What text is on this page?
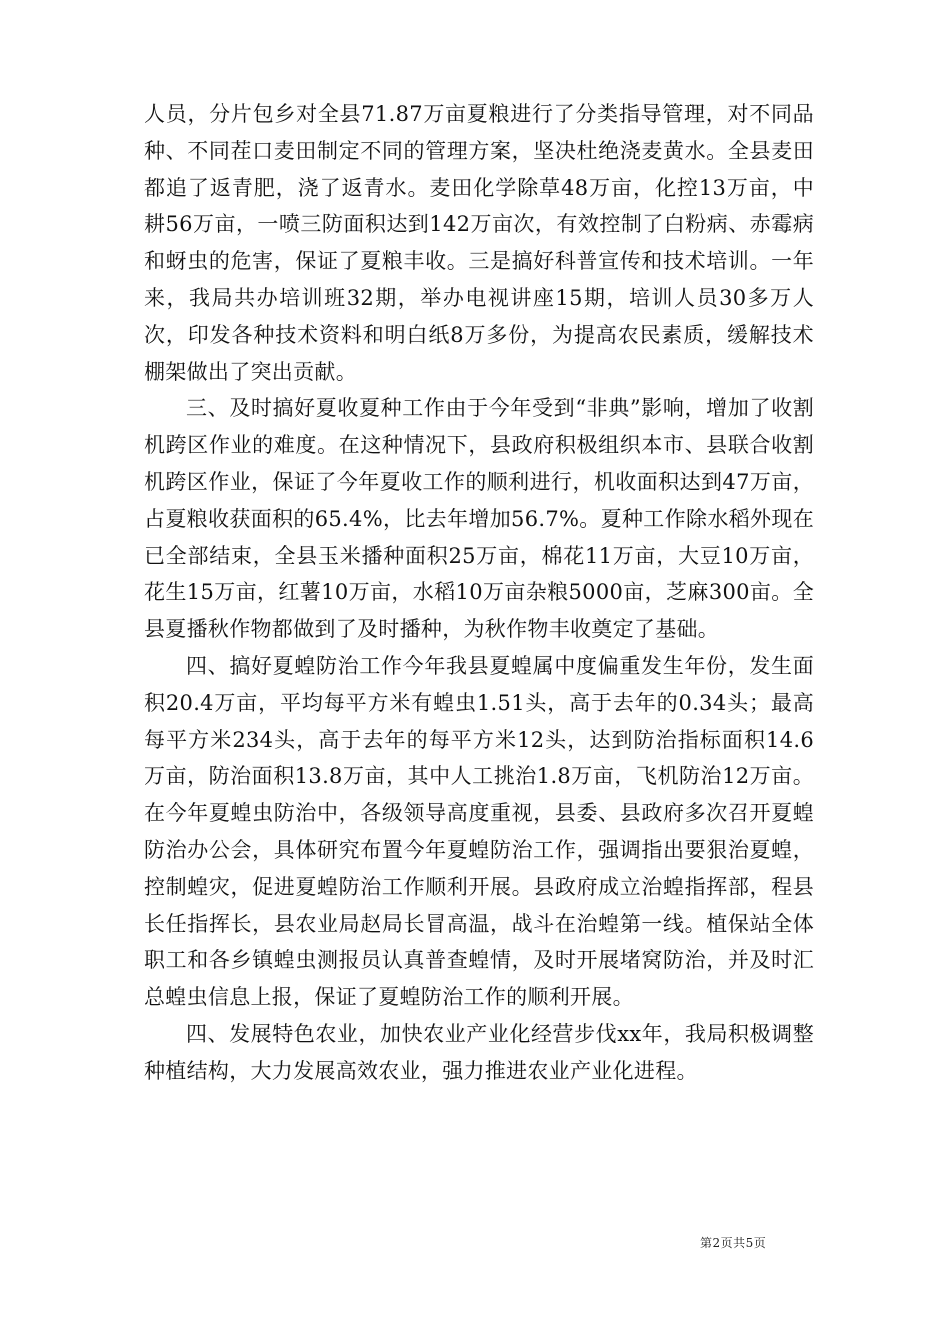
人员，分片包乡对全县71.87万亩夏粮进行了分类指导管理，对不同品种、不同茬口麦田制定不同的管理方案，坚决杜绝浇麦黄水。全县麦田都追了返青肥，浇了返青水。麦田化学除草48万亩，化控13万亩，中耕56万亩，一喷三防面积达到142万亩次，有效控制了白粉病、赤霉病和蚜虫的危害，保证了夏粮丰收。三是搞好科普宣传和技术培训。一年来，我局共办培训班32期，举办电视讲座15期，培训人员30多万人次，印发各种技术资料和明白纸8万多份，为提高农民素质，缓解技术棚架做出了突出贡献。

三、及时搞好夏收夏种工作由于今年受到“非典”影响，增加了收割机跨区作业的难度。在这种情况下，县政府积极组织本市、县联合收割机跨区作业，保证了今年夏收工作的顺利进行，机收面积达到47万亩，占夏粮收获面积的65.4%，比去年增加56.7%。夏种工作除水稻外现在已全部结束，全县玉米播种面积25万亩，棉花11万亩，大豆10万亩，花生15万亩，红薯10万亩，水稻10万亩杂粮5000亩，芝麻300亩。全县夏播秋作物都做到了及时播种，为秋作物丰收奠定了基础。

四、搞好夏蝗防治工作今年我县夏蝗属中度偏重发生年份，发生面积20.4万亩，平均每平方米有蝗虫1.51头，高于去年的0.34头；最高每平方米234头，高于去年的每平方米12头，达到防治指标面积14.6万亩，防治面积13.8万亩，其中人工挑治1.8万亩，飞机防治12万亩。在今年夏蝗虫防治中，各级领导高度重视，县委、县政府多次召开夏蝗防治办公会，具体研究布置今年夏蝗防治工作，强调指出要狠治夏蝗，控制蝗灾，促进夏蝗防治工作顺利开展。县政府成立治蝗指挥部，程县长任指挥长，县农业局赵局长冒高温，战斗在治蝗第一线。植保站全体职工和各乡镇蝗虫测报员认真普查蝗情，及时开展堵窝防治，并及时汇总蝗虫信息上报，保证了夏蝗防治工作的顺利开展。

四、发展特色农业，加快农业产业化经营步伐xx年，我局积极调整种植结构，大力发展高效农业，强力推进农业产业化进程。

第2页共5页
